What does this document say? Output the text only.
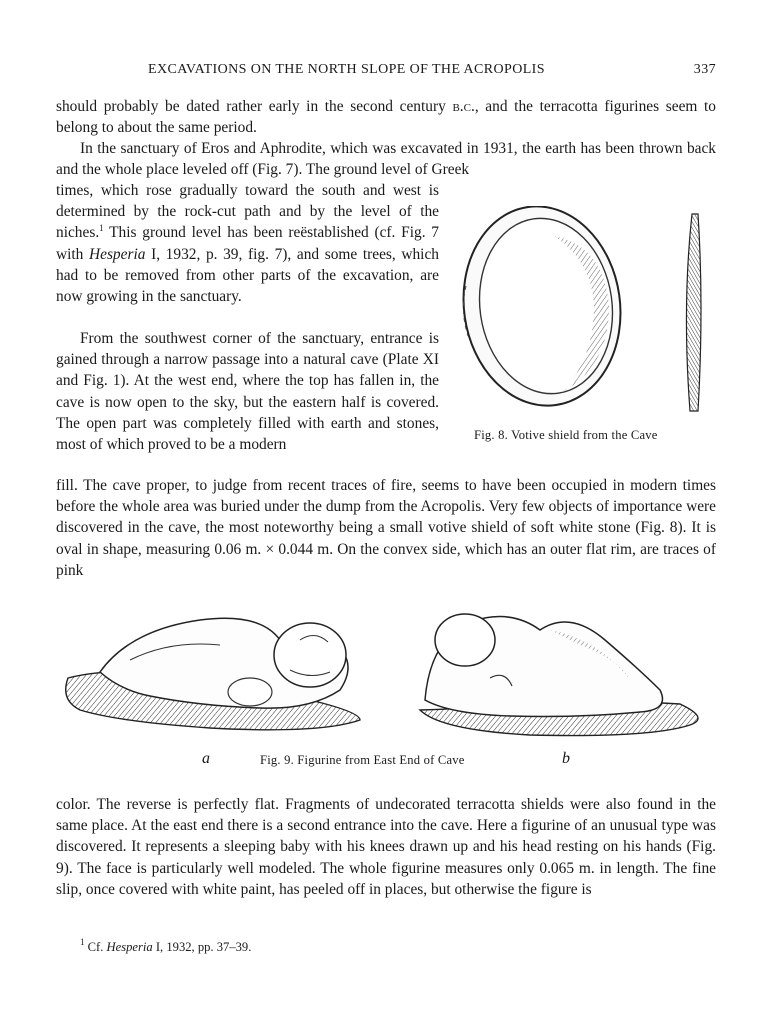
EXCAVATIONS ON THE NORTH SLOPE OF THE ACROPOLIS	337

should probably be dated rather early in the second century b.c., and the terracotta figurines seem to belong to about the same period.

In the sanctuary of Eros and Aphrodite, which was excavated in 1931, the earth has been thrown back and the whole place leveled off (Fig. 7). The ground level of Greek

times, which rose gradually toward the south and west is determined by the rock-cut path and by the level of the niches.$^1$ This ground level has been reëstablished (cf. Fig. 7 with Hesperia I, 1932, p. 39, fig. 7), and some trees, which had to be removed from other parts of the excavation, are now growing in the sanctuary.

From the southwest corner of the sanctuary, entrance is gained through a narrow passage into a natural cave (Plate XI and Fig. 1). At the west end, where the top has fallen in, the cave is now open to the sky, but the eastern half is covered. The open part was completely filled with earth and stones, most of which proved to be a modern

fill. The cave proper, to judge from recent traces of fire, seems to have been occupied in modern times before the whole area was buried under the dump from the Acropolis. Very few objects of importance were discovered in the cave, the most noteworthy being a small votive shield of soft white stone (Fig. 8). It is oval in shape, measuring 0.06 m. × 0.044 m. On the convex side, which has an outer flat rim, are traces of pink

Fig. 8. Votive shield from the Cave
a	Fig. 9. Figurine from East End of Cave	b

color. The reverse is perfectly flat. Fragments of undecorated terracotta shields were also found in the same place. At the east end there is a second entrance into the cave. Here a figurine of an unusual type was discovered. It represents a sleeping baby with his knees drawn up and his head resting on his hands (Fig. 9). The face is particularly well modeled. The whole figurine measures only 0.065 m. in length. The fine slip, once covered with white paint, has peeled off in places, but otherwise the figure is

$^1$ Cf. Hesperia I, 1932, pp. 37–39.
